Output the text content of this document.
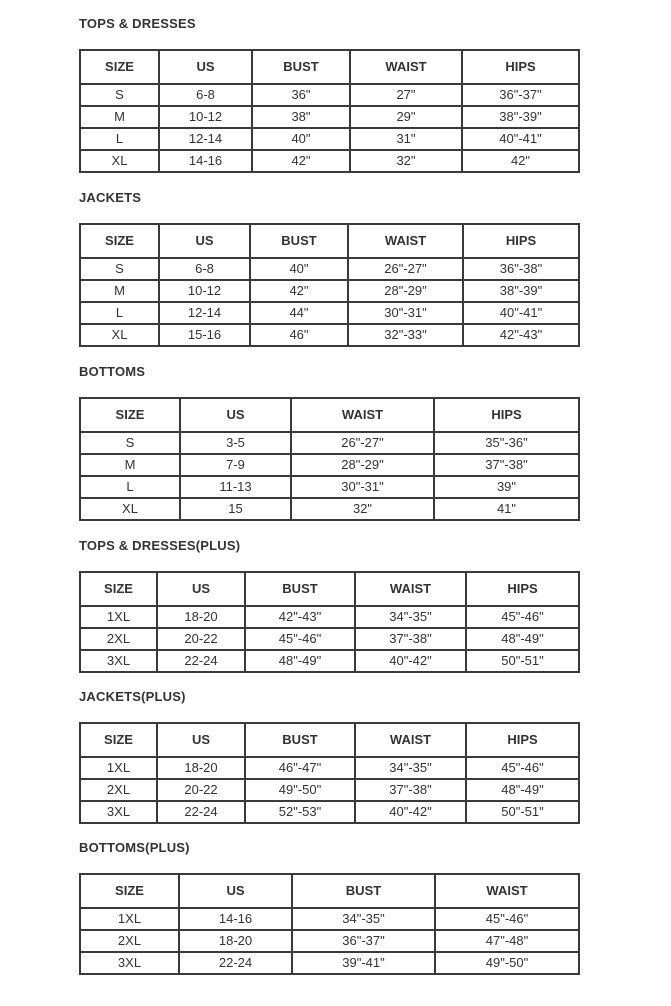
TOPS & DRESSES
SIZE	US	BUST	WAIST	HIPS
S	6-8	36"	27"	36"-37"
M	10-12	38"	29"	38"-39"
L	12-14	40"	31"	40"-41"
XL	14-16	42"	32"	42"
JACKETS
SIZE	US	BUST	WAIST	HIPS
S	6-8	40"	26"-27"	36"-38"
M	10-12	42"	28"-29"	38"-39"
L	12-14	44"	30"-31"	40"-41"
XL	15-16	46"	32"-33"	42"-43"
BOTTOMS
SIZE	US	WAIST	HIPS
S	3-5	26"-27"	35"-36"
M	7-9	28"-29"	37"-38"
L	11-13	30"-31"	39"
XL	15	32"	41"
TOPS & DRESSES(PLUS)
SIZE	US	BUST	WAIST	HIPS
1XL	18-20	42"-43"	34"-35"	45"-46"
2XL	20-22	45"-46"	37"-38"	48"-49"
3XL	22-24	48"-49"	40"-42"	50"-51"
JACKETS(PLUS)
SIZE	US	BUST	WAIST	HIPS
1XL	18-20	46"-47"	34"-35"	45"-46"
2XL	20-22	49"-50"	37"-38"	48"-49"
3XL	22-24	52"-53"	40"-42"	50"-51"
BOTTOMS(PLUS)
SIZE	US	BUST	WAIST
1XL	14-16	34"-35"	45"-46"
2XL	18-20	36"-37"	47"-48"
3XL	22-24	39"-41"	49"-50"
